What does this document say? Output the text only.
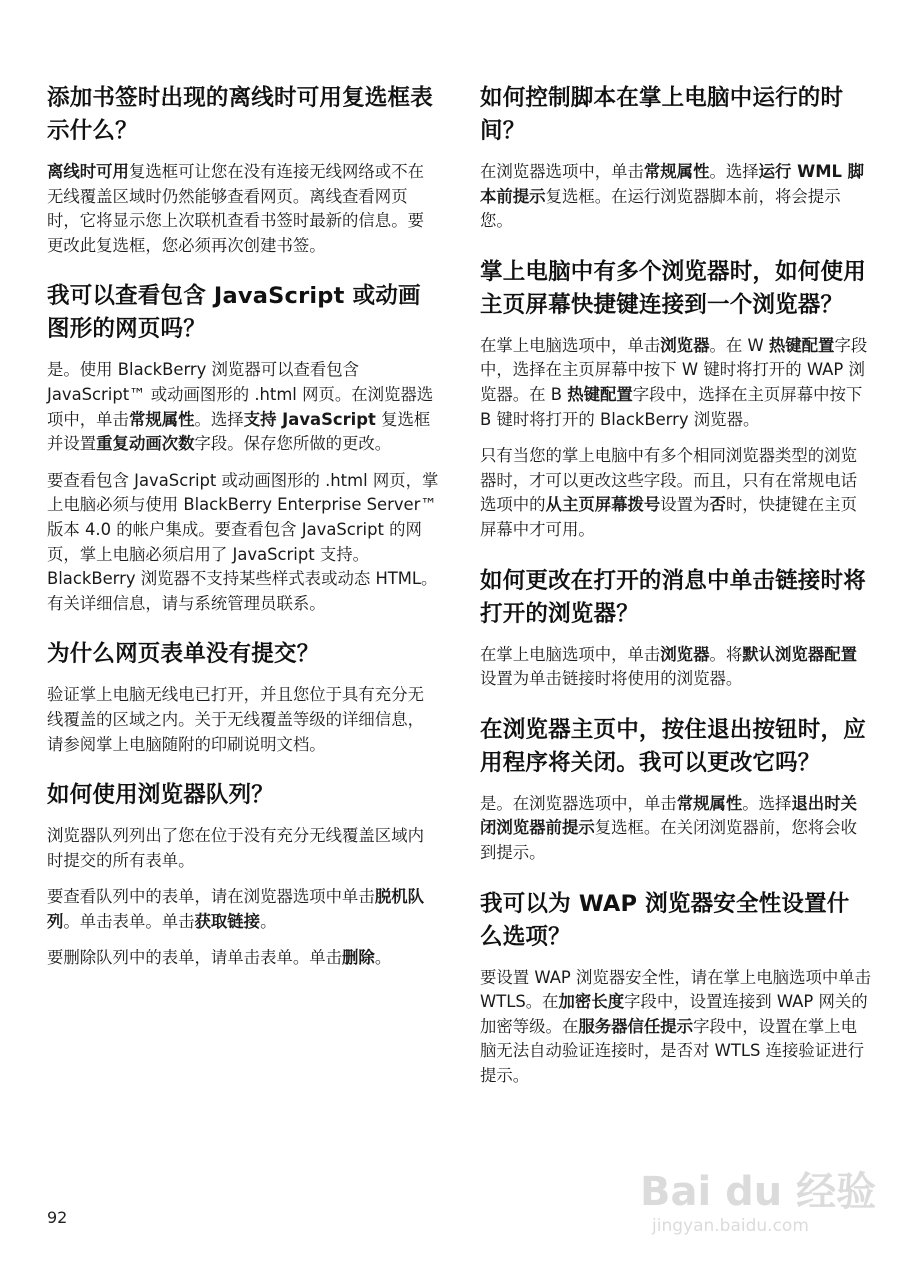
添加书签时出现的离线时可用复选框表示什么？

离线时可用复选框可让您在没有连接无线网络或不在无线覆盖区域时仍然能够查看网页。离线查看网页时，它将显示您上次联机查看书签时最新的信息。要更改此复选框，您必须再次创建书签。

我可以查看包含 JavaScript 或动画图形的网页吗？

是。使用 BlackBerry 浏览器可以查看包含 JavaScript™ 或动画图形的 .html 网页。在浏览器选项中，单击常规属性。选择支持 JavaScript 复选框并设置重复动画次数字段。保存您所做的更改。

要查看包含 JavaScript 或动画图形的 .html 网页，掌上电脑必须与使用 BlackBerry Enterprise Server™ 版本 4.0 的帐户集成。要查看包含 JavaScript 的网页，掌上电脑必须启用了 JavaScript 支持。 BlackBerry 浏览器不支持某些样式表或动态 HTML。有关详细信息，请与系统管理员联系。

为什么网页表单没有提交？

验证掌上电脑无线电已打开，并且您位于具有充分无线覆盖的区域之内。关于无线覆盖等级的详细信息，请参阅掌上电脑随附的印刷说明文档。

如何使用浏览器队列？

浏览器队列列出了您在位于没有充分无线覆盖区域内时提交的所有表单。

要查看队列中的表单，请在浏览器选项中单击脱机队列。单击表单。单击获取链接。

要删除队列中的表单，请单击表单。单击删除。

如何控制脚本在掌上电脑中运行的时间？

在浏览器选项中，单击常规属性。选择运行 WML 脚本前提示复选框。在运行浏览器脚本前，将会提示您。

掌上电脑中有多个浏览器时，如何使用主页屏幕快捷键连接到一个浏览器？

在掌上电脑选项中，单击浏览器。在 W 热键配置字段中，选择在主页屏幕中按下 W 键时将打开的 WAP 浏览器。在 B 热键配置字段中，选择在主页屏幕中按下 B 键时将打开的 BlackBerry 浏览器。

只有当您的掌上电脑中有多个相同浏览器类型的浏览器时，才可以更改这些字段。而且，只有在常规电话选项中的从主页屏幕拨号设置为否时，快捷键在主页屏幕中才可用。

如何更改在打开的消息中单击链接时将打开的浏览器？

在掌上电脑选项中，单击浏览器。将默认浏览器配置设置为单击链接时将使用的浏览器。

在浏览器主页中，按住退出按钮时，应用程序将关闭。我可以更改它吗？

是。在浏览器选项中，单击常规属性。选择退出时关闭浏览器前提示复选框。在关闭浏览器前，您将会收到提示。

我可以为 WAP 浏览器安全性设置什么选项？

要设置 WAP 浏览器安全性，请在掌上电脑选项中单击 WTLS。在加密长度字段中，设置连接到 WAP 网关的加密等级。在服务器信任提示字段中，设置在掌上电脑无法自动验证连接时，是否对 WTLS 连接验证进行提示。

92
Bai du 经验
jingyan.baidu.com
